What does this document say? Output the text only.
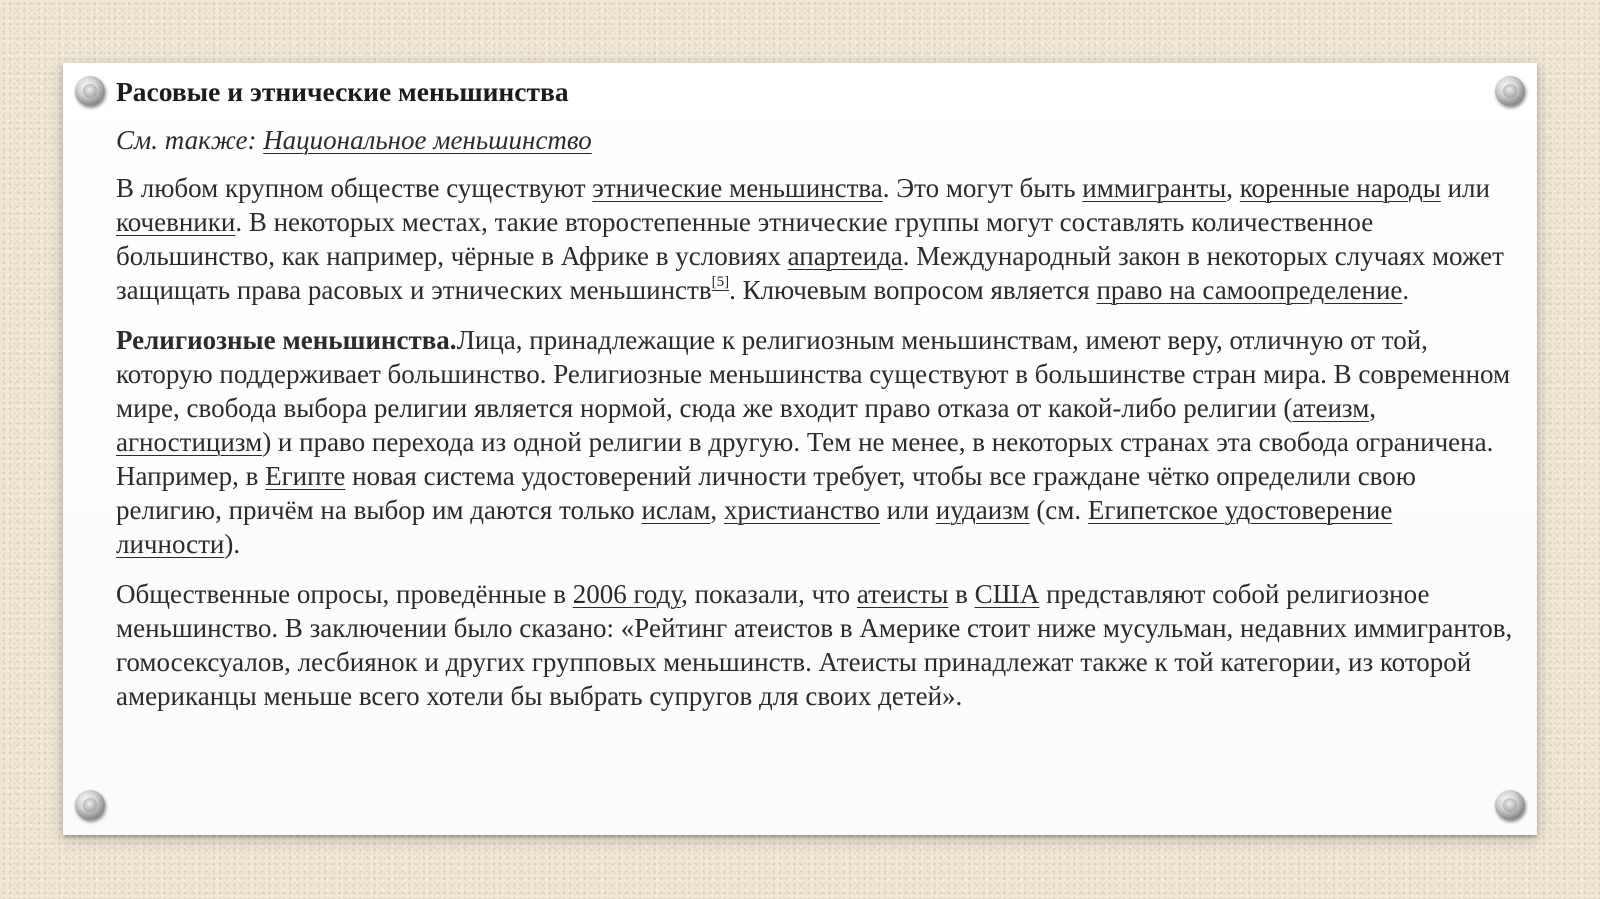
Расовые и этнические меньшинства

См. также: Национальное меньшинство

В любом крупном обществе существуют этнические меньшинства. Это могут быть иммигранты, коренные народы или кочевники. В некоторых местах, такие второстепенные этнические группы могут составлять количественное большинство, как например, чёрные в Африке в условиях апартеида. Международный закон в некоторых случаях может защищать права расовых и этнических меньшинств[5]. Ключевым вопросом является право на самоопределение.

Религиозные меньшинства.Лица, принадлежащие к религиозным меньшинствам, имеют веру, отличную от той, которую поддерживает большинство. Религиозные меньшинства существуют в большинстве стран мира. В современном мире, свобода выбора религии является нормой, сюда же входит право отказа от какой-либо религии (атеизм, агностицизм) и право перехода из одной религии в другую. Тем не менее, в некоторых странах эта свобода ограничена. Например, в Египте новая система удостоверений личности требует, чтобы все граждане чётко определили свою религию, причём на выбор им даются только ислам, христианство или иудаизм (см. Египетское удостоверение личности).

Общественные опросы, проведённые в 2006 году, показали, что атеисты в США представляют собой религиозное меньшинство. В заключении было сказано: «Рейтинг атеистов в Америке стоит ниже мусульман, недавних иммигрантов, гомосексуалов, лесбиянок и других групповых меньшинств. Атеисты принадлежат также к той категории, из которой американцы меньше всего хотели бы выбрать супругов для своих детей».
